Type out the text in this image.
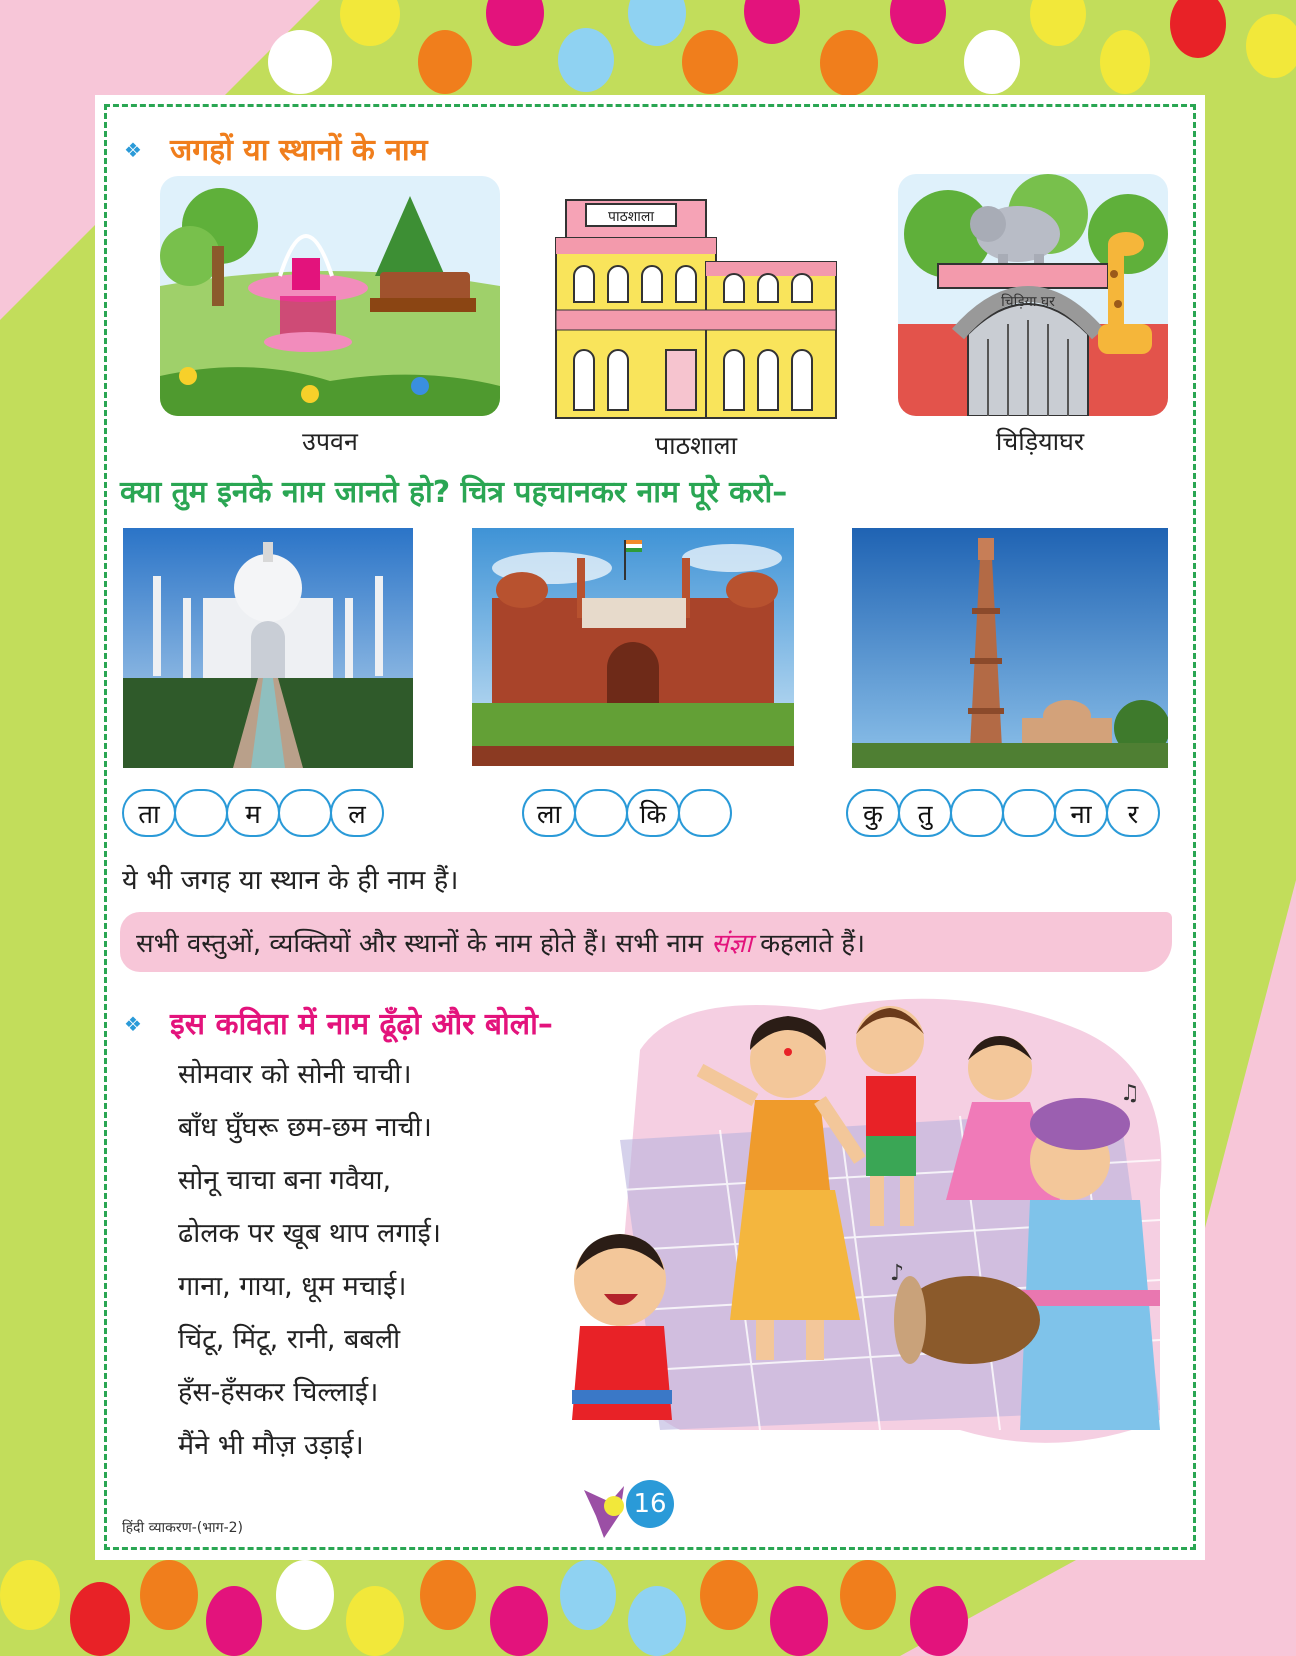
❖ जगहों या स्थानों के नाम
उपवन
पाठशाला
पाठशाला
चिड़िया घर
चिड़ियाघर
क्या तुम इनके नाम जानते हो? चित्र पहचानकर नाम पूरे करो–
ता	म	ल	ला	कि	कु	तु	ना	र
ये भी जगह या स्थान के ही नाम हैं।
सभी वस्तुओं, व्यक्तियों और स्थानों के नाम होते हैं। सभी नाम संज्ञा कहलाते हैं।
❖ इस कविता में नाम ढूँढ़ो और बोलो–
सोमवार को सोनी चाची।
बाँध घुँघरू छम-छम नाची।
सोनू चाचा बना गवैया,
ढोलक पर खूब थाप लगाई।
गाना, गाया, धूम मचाई।
चिंटू, मिंटू, रानी, बबली
हँस-हँसकर चिल्लाई।
मैंने भी मौज़ उड़ाई।
♫
♪
हिंदी व्याकरण-(भाग-2)
16
